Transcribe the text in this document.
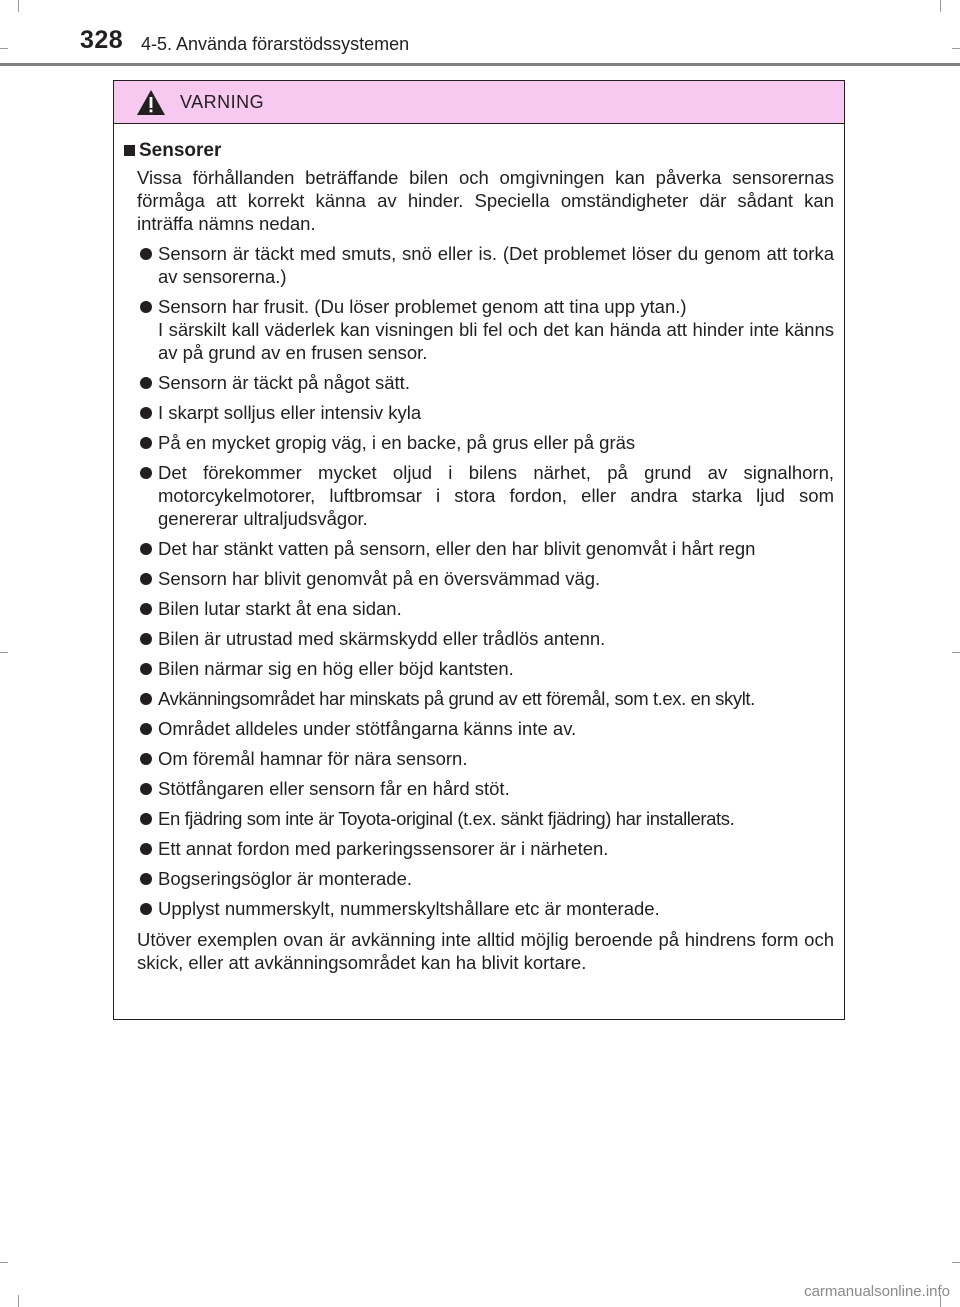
328 4-5. Använda förarstödssystemen
VARNING
Sensorer
Vissa förhållanden beträffande bilen och omgivningen kan påverka sensorernas förmåga att korrekt känna av hinder. Speciella omständigheter där sådant kan inträffa nämns nedan.
Sensorn är täckt med smuts, snö eller is. (Det problemet löser du genom att torka av sensorerna.)
Sensorn har frusit. (Du löser problemet genom att tina upp ytan.)
I särskilt kall väderlek kan visningen bli fel och det kan hända att hinder inte känns av på grund av en frusen sensor.
Sensorn är täckt på något sätt.
I skarpt solljus eller intensiv kyla
På en mycket gropig väg, i en backe, på grus eller på gräs
Det förekommer mycket oljud i bilens närhet, på grund av signalhorn, motorcykelmotorer, luftbromsar i stora fordon, eller andra starka ljud som genererar ultraljudsvågor.
Det har stänkt vatten på sensorn, eller den har blivit genomvåt i hårt regn
Sensorn har blivit genomvåt på en översvämmad väg.
Bilen lutar starkt åt ena sidan.
Bilen är utrustad med skärmskydd eller trådlös antenn.
Bilen närmar sig en hög eller böjd kantsten.
Avkänningsområdet har minskats på grund av ett föremål, som t.ex. en skylt.
Området alldeles under stötfångarna känns inte av.
Om föremål hamnar för nära sensorn.
Stötfångaren eller sensorn får en hård stöt.
En fjädring som inte är Toyota-original (t.ex. sänkt fjädring) har installerats.
Ett annat fordon med parkeringssensorer är i närheten.
Bogseringsöglor är monterade.
Upplyst nummerskylt, nummerskyltshållare etc är monterade.
Utöver exemplen ovan är avkänning inte alltid möjlig beroende på hindrens form och skick, eller att avkänningsområdet kan ha blivit kortare.
carmanualsonline.info
